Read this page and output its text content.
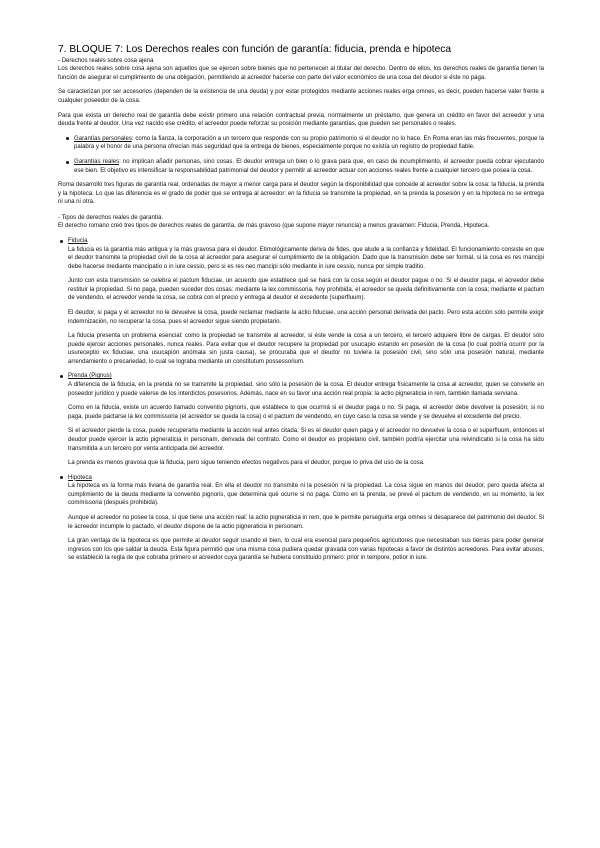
7. BLOQUE 7: Los Derechos reales con función de garantía: fiducia, prenda e hipoteca

- Derechos reales sobre cosa ajena

Los derechos reales sobre cosa ajena son aquellos que se ejercen sobre bienes que no pertenecen al titular del derecho. Dentro de ellos, los derechos reales de garantía tienen la función de asegurar el cumplimiento de una obligación, permitiendo al acreedor hacerse con parte del valor económico de una cosa del deudor si éste no paga.

Se caracterizan por ser accesorios (dependen de la existencia de una deuda) y por estar protegidos mediante acciones reales erga omnes, es decir, pueden hacerse valer frente a cualquier poseedor de la cosa.

Para que exista un derecho real de garantía debe existir primero una relación contractual previa, normalmente un préstamo, que genera un crédito en favor del acreedor y una deuda frente al deudor. Una vez nacido ese crédito, el acreedor puede reforzar su posición mediante garantías, que pueden ser personales o reales.

Garantías personales: como la fianza, la corporación a un tercero que responde con su propio patrimonio si el deudor no lo hace. En Roma eran las más frecuentes, porque la palabra y el honor de una persona ofrecían más seguridad que la entrega de bienes, especialmente porque no existía un registro de propiedad fiable.
Garantías reales: no implican añadir personas, sino cosas. El deudor entrega un bien o lo grava para que, en caso de incumplimiento, el acreedor pueda cobrar ejecutando ese bien. El objetivo es intensificar la responsabilidad patrimonial del deudor y permitir al acreedor actuar con acciones reales frente a cualquier tercero que posea la cosa.

Roma desarrolló tres figuras de garantía real, ordenadas de mayor a menor carga para el deudor según la disponibilidad que concede al acreedor sobre la cosa: la fiducia, la prenda y la hipoteca. Lo que las diferencia es el grado de poder que se entrega al acreedor: en la fiducia se transmite la propiedad, en la prenda la posesión y en la hipoteca no se entrega ni una ni otra.

- Tipos de derechos reales de garantía.

El derecho romano creó tres tipos de derechos reales de garantía, de más gravoso (que supone mayor renuncia) a menos gravamen: Fiducia, Prenda, Hipoteca.

Fiducia

La fiducia es la garantía más antigua y la más gravosa para el deudor. Etimológicamente deriva de fides, que alude a la confianza y fidelidad. El funcionamiento consiste en que el deudor transmite la propiedad civil de la cosa al acreedor para asegurar el cumplimiento de la obligación. Dado que la transmisión debe ser formal, si la cosa es res mancipi debe hacerse mediante mancipatio o in iure cessio, pero si es res nec mancipi sólo mediante in iure cessio, nunca por simple traditio.

Junto con esta transmisión se celebra el pactum fiduciae, un acuerdo que establece qué se hará con la cosa según el deudor pague o no. Si el deudor paga, el acreedor debe restituir la propiedad. Si no paga, pueden suceder dos cosas: mediante la lex commissoria, hoy prohibida, el acreedor se queda definitivamente con la cosa; mediante el pactum de vendendo, el acreedor vende la cosa, se cobra con el precio y entrega al deudor el excedente (superfluum).

El deudor, si paga y el acreedor no le devuelve la cosa, puede reclamar mediante la actio fiduciae, una acción personal derivada del pacto. Pero esta acción sólo permite exigir indemnización, no recuperar la cosa, pues el acreedor sigue siendo propietario.

La fiducia presenta un problema esencial: como la propiedad se transmite al acreedor, si éste vende la cosa a un tercero, el tercero adquiere libre de cargas. El deudor sólo puede ejercer acciones personales, nunca reales. Para evitar que el deudor recupere la propiedad por usucapio estando en posesión de la cosa (lo cual podría ocurrir por la usureceptio ex fiduciae, una usucapión anómala sin justa causa), se procuraba que el deudor no tuviera la posesión civil, sino sólo una posesión natural, mediante arrendamiento o precariedad, lo cual se lograba mediante un constitutum possessorium.

Prenda (Pignus)

A diferencia de la fiducia, en la prenda no se transmite la propiedad, sino sólo la posesión de la cosa. El deudor entrega físicamente la cosa al acreedor, quien se convierte en poseedor jurídico y puede valerse de los interdictos posesorios. Además, nace en su favor una acción real propia: la actio pigneraticia in rem, también llamada serviana.

Como en la fiducia, existe un acuerdo llamado conventio pignoris, que establece lo que ocurrirá si el deudor paga o no. Si paga, el acreedor debe devolver la posesión; si no paga, puede pactarse la lex commissoria (el acreedor se queda la cosa) o el pactum de vendendo, en cuyo caso la cosa se vende y se devuelve el excedente del precio.

Si el acreedor pierde la cosa, puede recuperarla mediante la acción real antes citada. Si es el deudor quien paga y el acreedor no devuelve la cosa o el superfluum, entonces el deudor puede ejercer la actio pigneraticia in personam, derivada del contrato. Como el deudor es propietario civil, también podría ejercitar una reivindicatio si la cosa ha sido transmitida a un tercero por venta anticipada del acreedor.

La prenda es menos gravosa que la fiducia, pero sigue teniendo efectos negativos para el deudor, porque lo priva del uso de la cosa.

Hipoteca

La hipoteca es la forma más liviana de garantía real. En ella el deudor no transmite ni la posesión ni la propiedad. La cosa sigue en manos del deudor, pero queda afecta al cumplimiento de la deuda mediante la conventio pignoris, que determina qué ocurre si no paga. Como en la prenda, se prevé el pactum de vendendo, en su momento, la lex commissoria (después prohibida).

Aunque el acreedor no posee la cosa, sí que tiene una acción real: la actio pigneraticia in rem, que le permite perseguirla erga omnes si desaparece del patrimonio del deudor. Si le acreedor incumple lo pactado, el deudor dispone de la actio pigneraticia in personam.

La gran ventaja de la hipoteca es que permite al deudor seguir usando el bien, lo cual era esencial para pequeños agricultores que necesitaban sus tierras para poder generar ingresos con los que saldar la deuda. Esta figura permitió que una misma cosa pudiera quedar gravada con varias hipotecas a favor de distintos acreedores. Para evitar abusos, se estableció la regla de que cobraba primero el acreedor cuya garantía se hubiera constituido primero: prior in tempore, potior in iure.
